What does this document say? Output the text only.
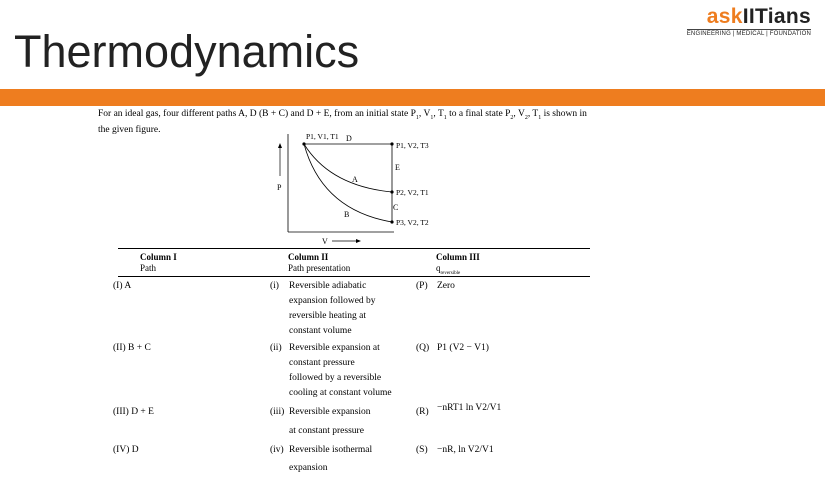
askIITians
ENGINEERING | MEDICAL | FOUNDATION
Thermodynamics
For an ideal gas, four different paths A, D (B + C) and D + E, from an initial state $P_1$, $V_1$, $T_1$ to a final state $P_2$, $V_2$, $T_1$ is shown in the given figure.
P
V
P1, V1, T1 D
P1, V2, T3
E
A
P2, V2, T1
C
B
P3, V2, T2
Column I
Path
Column II
Path presentation
Column III
$q_{reversible}$
(I) A	(i) Reversible adiabatic
expansion followed by
reversible heating at
constant volume
(P) Zero
(II) B + C	(ii) Reversible expansion at
constant pressure
followed by a reversible
cooling at constant volume
(Q) P1 (V2 − V1)
(III) D + E	(iii) Reversible expansion
at constant pressure
(R) −nRT1 ln V2/V1
(IV) D	(iv) Reversible isothermal
expansion
(S) −nR, ln V2/V1
